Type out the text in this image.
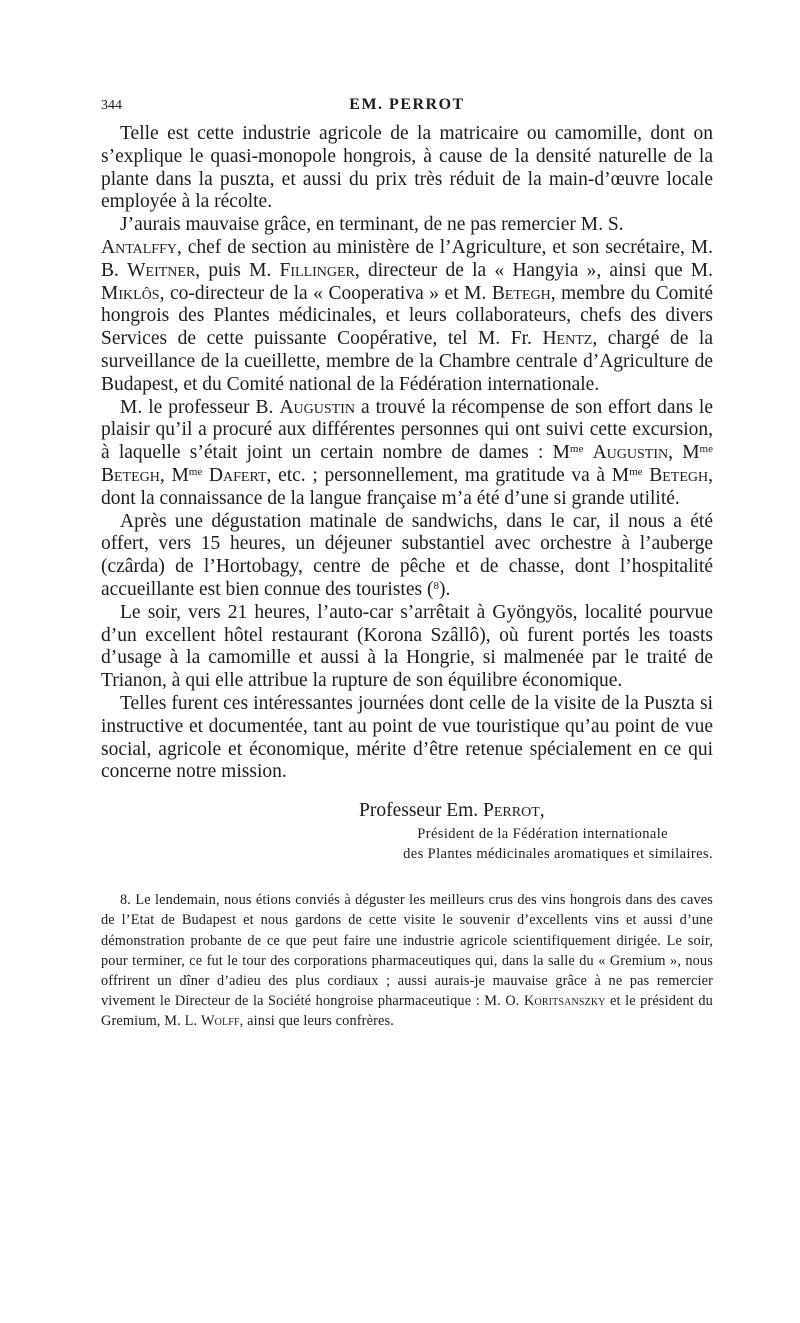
344	EM. PERROT

Telle est cette industrie agricole de la matricaire ou camomille, dont on s’explique le quasi-monopole hongrois, à cause de la densité naturelle de la plante dans la puszta, et aussi du prix très réduit de la main-d’œuvre locale employée à la récolte.

J’aurais mauvaise grâce, en terminant, de ne pas remercier M. S.
Antalffy, chef de section au ministère de l’Agriculture, et son secrétaire, M. B. Weitner, puis M. Fillinger, directeur de la « Hangyia », ainsi que M. Miklôs, co-directeur de la « Cooperativa » et M. Betegh, membre du Comité hongrois des Plantes médicinales, et leurs collaborateurs, chefs des divers Services de cette puissante Coopérative, tel M. Fr. Hentz, chargé de la surveillance de la cueillette, membre de la Chambre centrale d’Agriculture de Budapest, et du Comité national de la Fédération internationale.

M. le professeur B. Augustin a trouvé la récompense de son effort dans le plaisir qu’il a procuré aux différentes personnes qui ont suivi cette excursion, à laquelle s’était joint un certain nombre de dames : $M^{me}$ Augustin, $M^{me}$ Betegh, $M^{me}$ Dafert, etc. ; personnellement, ma gratitude va à $M^{me}$ Betegh, dont la connaissance de la langue française m’a été d’une si grande utilité.

Après une dégustation matinale de sandwichs, dans le car, il nous a été offert, vers 15 heures, un déjeuner substantiel avec orchestre à l’auberge (czârda) de l’Hortobagy, centre de pêche et de chasse, dont l’hospitalité accueillante est bien connue des touristes ($^8$).

Le soir, vers 21 heures, l’auto-car s’arrêtait à Gyöngyös, localité pourvue d’un excellent hôtel restaurant (Korona Szâllô), où furent portés les toasts d’usage à la camomille et aussi à la Hongrie, si malmenée par le traité de Trianon, à qui elle attribue la rupture de son équilibre économique.

Telles furent ces intéressantes journées dont celle de la visite de la Puszta si instructive et documentée, tant au point de vue touristique qu’au point de vue social, agricole et économique, mérite d’être retenue spécialement en ce qui concerne notre mission.

Professeur Em. Perrot,
Président de la Fédération internationale
des Plantes médicinales aromatiques et similaires.
8. Le lendemain, nous étions conviés à déguster les meilleurs crus des vins hongrois dans des caves de l’Etat de Budapest et nous gardons de cette visite le souvenir d’excellents vins et aussi d’une démonstration probante de ce que peut faire une industrie agricole scientifiquement dirigée. Le soir, pour terminer, ce fut le tour des corporations pharmaceutiques qui, dans la salle du « Gremium », nous offrirent un dîner d’adieu des plus cordiaux ; aussi aurais-je mauvaise grâce à ne pas remercier vivement le Directeur de la Société hongroise pharmaceutique : M. O. Koritsanszky et le président du Gremium, M. L. Wolff, ainsi que leurs confrères.
